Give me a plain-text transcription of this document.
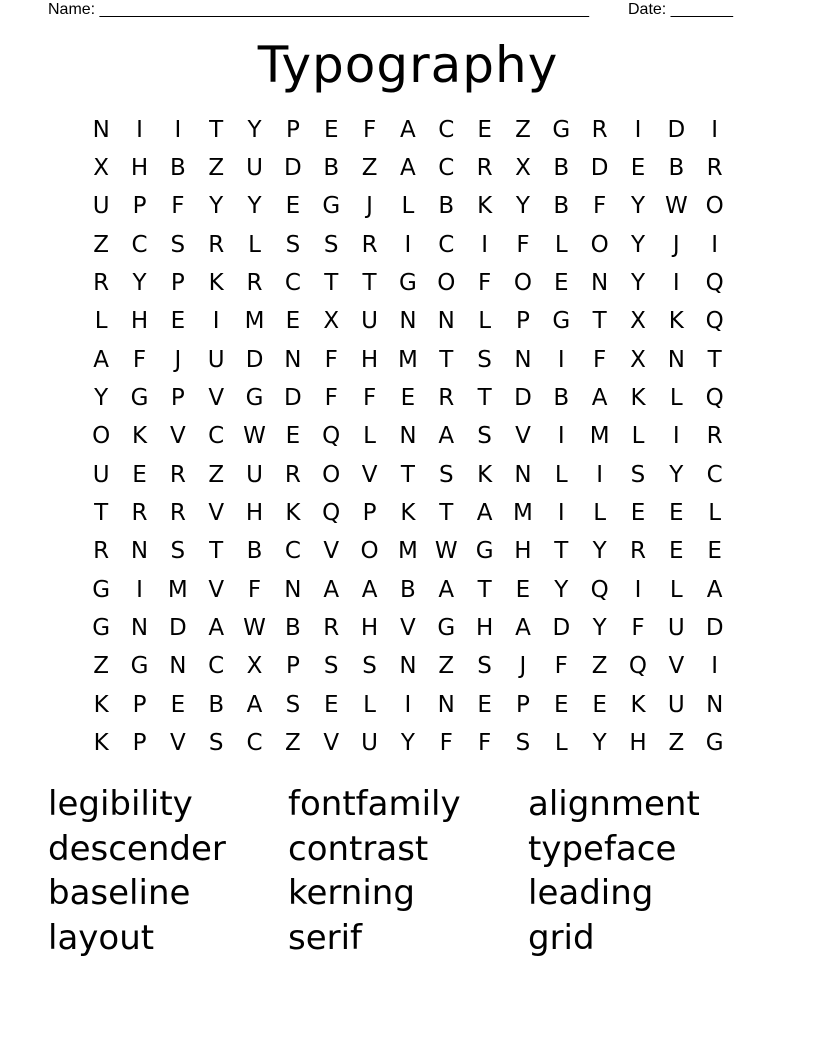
Name: _______________________________________________________ Date: _______
Typography
N	I	I	T	Y	P	E	F	A C	E	Z G R	I	D	I
X H B Z U D B Z A C R X B D E	B R
U P	F	Y	Y	E G	J	L	B K	Y	B	F	Y W O
Z C	S	R	L	S	S	R	I	C	I	F	L O Y	J	I
R	Y	P	K R C	T	T G O F O E N Y	I	Q
L	H E	I	M E	X U N N	L	P G T	X K Q
A	F	J	U D N	F	H M T	S N	I	F	X N T
Y G P	V G D F	F	E	R	T D B A K	L Q
O K V C W E Q L	N A	S	V	I	M L	I	R
U E	R Z U R O V	T	S	K N	L	I	S	Y	C
T	R R V H K Q P	K	T	A M	I	L	E	E	L
R N S	T	B C V O M W G H T	Y	R	E	E
G	I	M V	F	N A A B A	T	E	Y Q	I	L	A
G N D A W B R H V G H A D Y	F	U D
Z G N C X	P	S	S N Z	S	J	F	Z Q V	I
K	P	E	B A	S	E	L	I	N E	P	E	E	K U N
K	P	V	S	C Z V U Y	F	F	S	L	Y H Z G
legibility	fontfamily	alignment
descender	contrast	typeface
baseline	kerning	leading
layout	serif	grid
